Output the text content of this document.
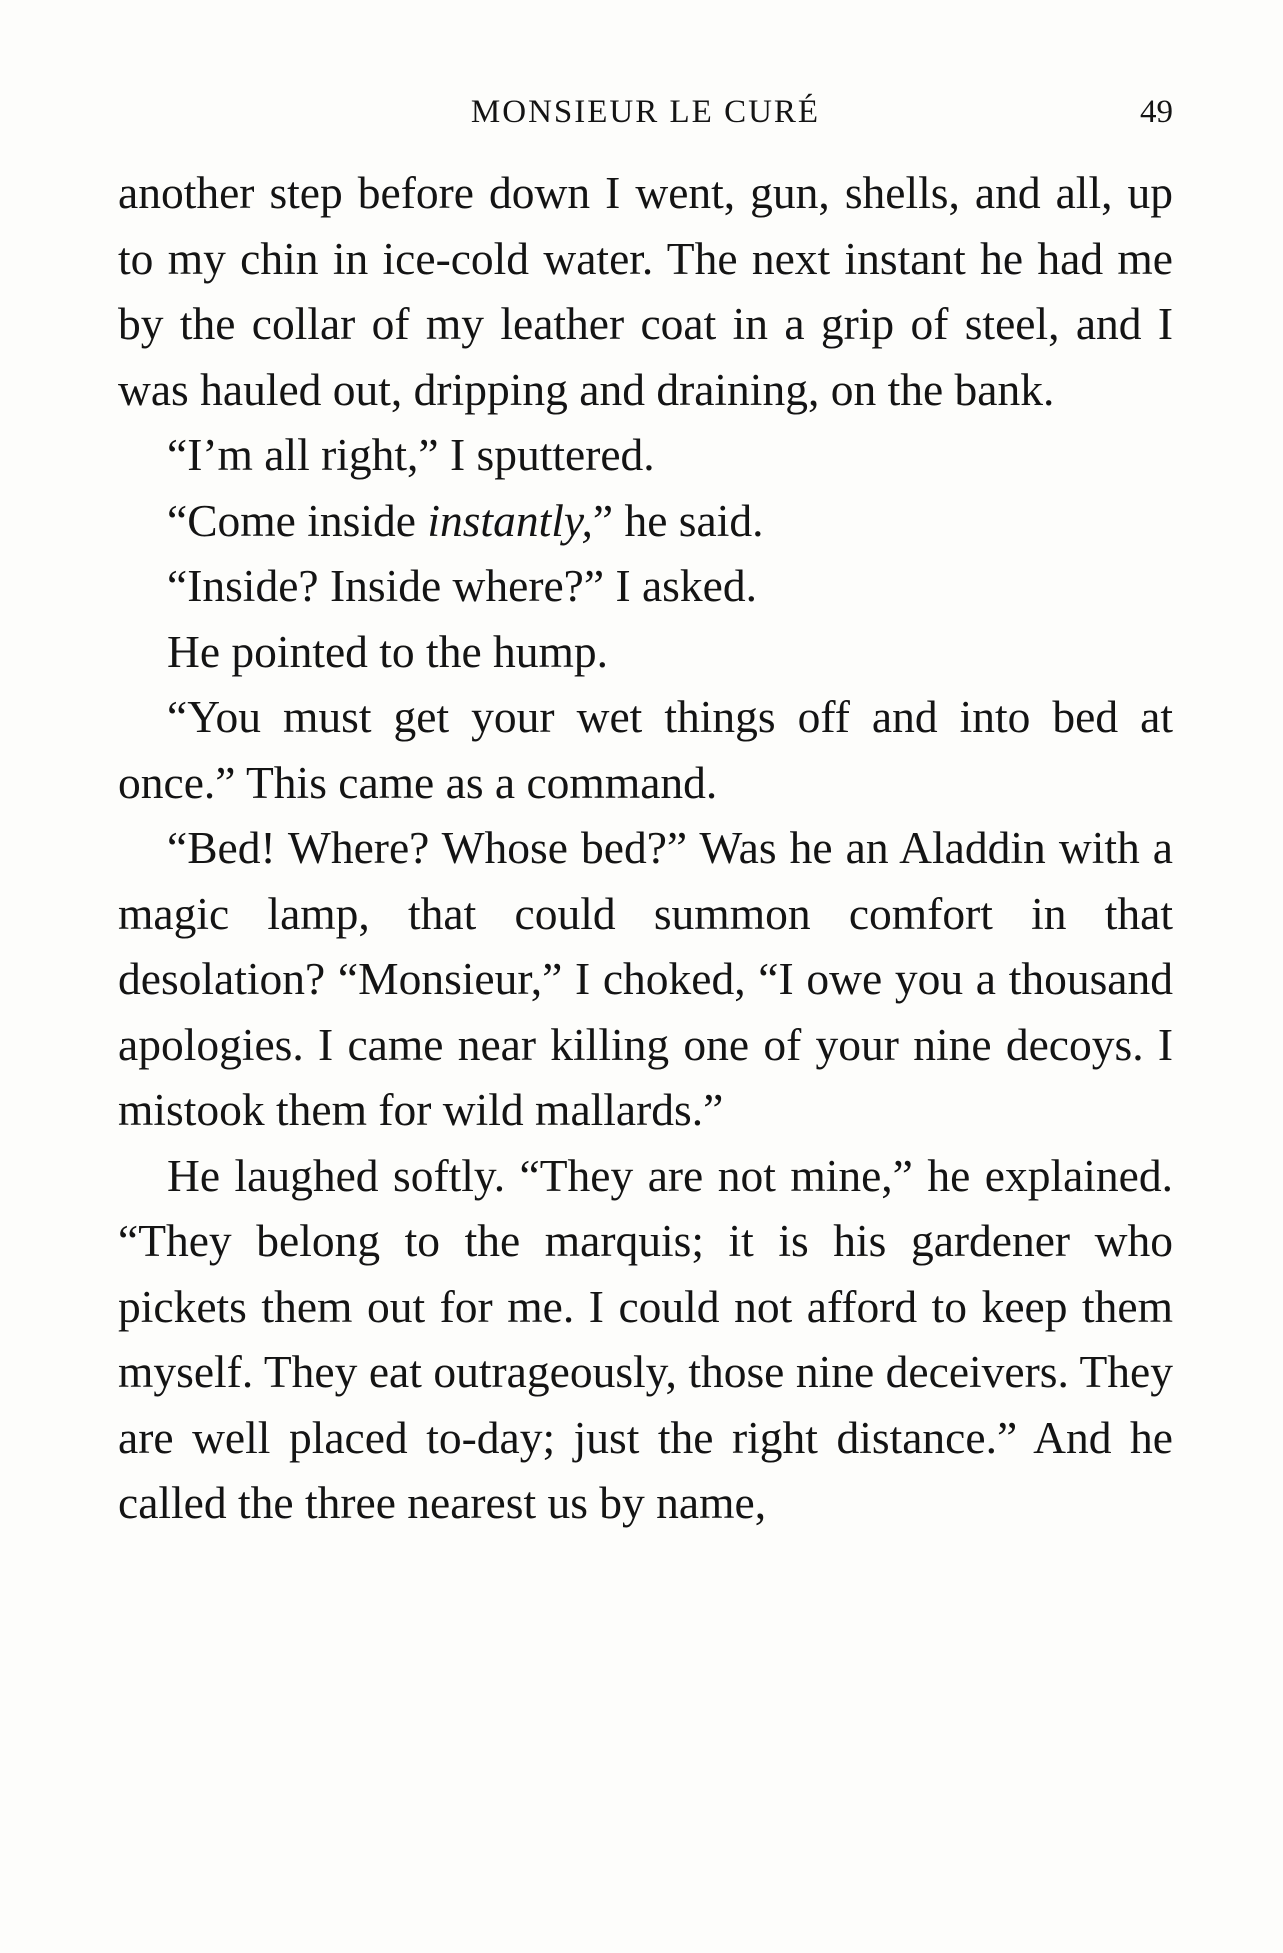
MONSIEUR LE CURÉ	49

another step before down I went, gun, shells, and all, up to my chin in ice-cold water. The next instant he had me by the collar of my leather coat in a grip of steel, and I was hauled out, dripping and draining, on the bank.

“I’m all right,” I sputtered.

“Come inside instantly,” he said.

“Inside? Inside where?” I asked.

He pointed to the hump.

“You must get your wet things off and into bed at once.” This came as a command.

“Bed! Where? Whose bed?” Was he an Aladdin with a magic lamp, that could summon comfort in that desolation? “Monsieur,” I choked, “I owe you a thousand apologies. I came near killing one of your nine decoys. I mistook them for wild mallards.”

He laughed softly. “They are not mine,” he explained. “They belong to the marquis; it is his gardener who pickets them out for me. I could not afford to keep them myself. They eat outrageously, those nine deceivers. They are well placed to-day; just the right distance.” And he called the three nearest us by name,
